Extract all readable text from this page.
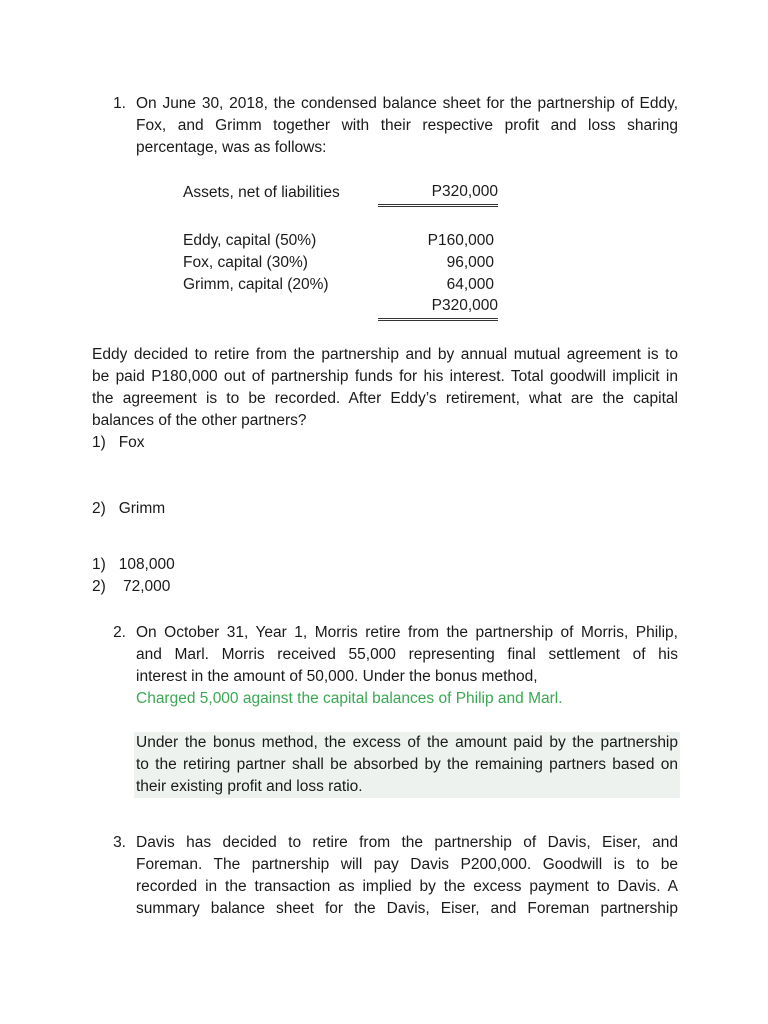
1. On June 30, 2018, the condensed balance sheet for the partnership of Eddy,
Fox, and Grimm together with their respective profit and loss sharing
percentage, was as follows:
Assets, net of liabilities	P320,000
Eddy, capital (50%)	P160,000
Fox, capital (30%)	96,000
Grimm, capital (20%)	64,000
P320,000
Eddy decided to retire from the partnership and by annual mutual agreement is to
be paid P180,000 out of partnership funds for his interest. Total goodwill implicit in
the agreement is to be recorded. After Eddy’s retirement, what are the capital
balances of the other partners?
1)   Fox
2)   Grimm
1)   108,000
2)    72,000
2. On October 31, Year 1, Morris retire from the partnership of Morris, Philip,
and Marl. Morris received 55,000 representing final settlement of his
interest in the amount of 50,000. Under the bonus method,
Charged 5,000 against the capital balances of Philip and Marl.
Under the bonus method, the excess of the amount paid by the partnership
to the retiring partner shall be absorbed by the remaining partners based on
their existing profit and loss ratio.
3. Davis has decided to retire from the partnership of Davis, Eiser, and
Foreman. The partnership will pay Davis P200,000. Goodwill is to be
recorded in the transaction as implied by the excess payment to Davis. A
summary balance sheet for the Davis, Eiser, and Foreman partnership
